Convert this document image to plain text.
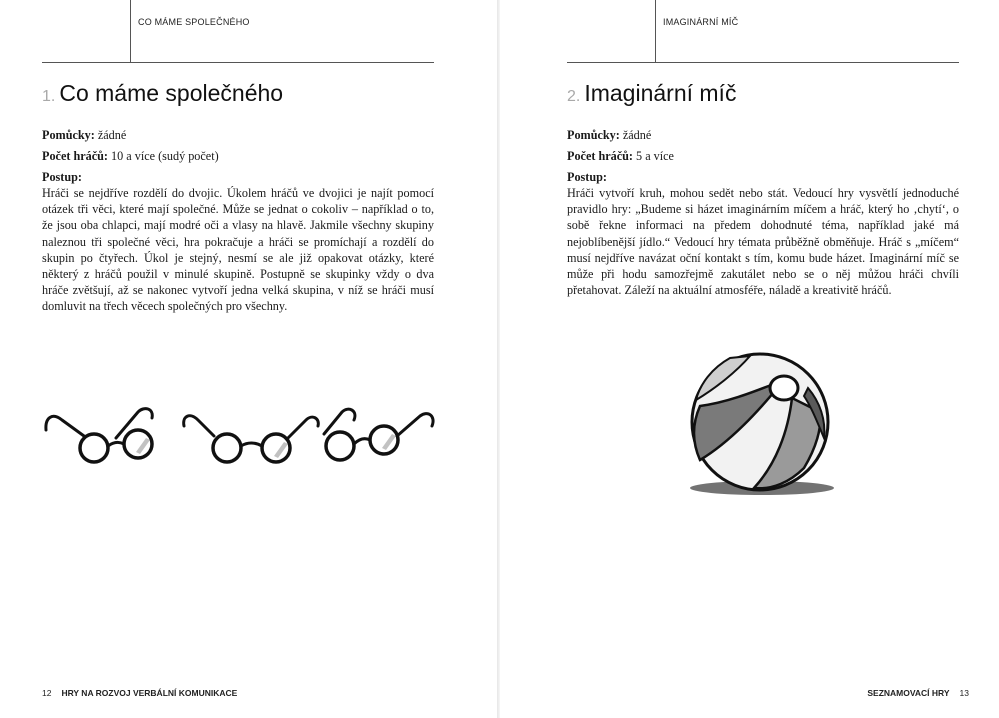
CO MÁME SPOLEČNÉHO
1. Co máme společného

Pomůcky: žádné

Počet hráčů: 10 a více (sudý počet)

Postup:

Hráči se nejdříve rozdělí do dvojic. Úkolem hráčů ve dvojici je najít pomocí otázek tři věci, které mají společné. Může se jednat o cokoliv – například o to, že jsou oba chlapci, mají modré oči a vlasy na hlavě. Jakmile všechny skupiny naleznou tři společné věci, hra pokračuje a hráči se promíchají a rozdělí do skupin po čtyřech. Úkol je stejný, nesmí se ale již opakovat otázky, které některý z hráčů použil v minulé skupině. Postupně se skupinky vždy o dva hráče zvětšují, až se nakonec vytvoří jedna velká skupina, v níž se hráči musí domluvit na třech věcech společných pro všechny.

12 HRY NA ROZVOJ VERBÁLNÍ KOMUNIKACE
IMAGINÁRNÍ MÍČ
2. Imaginární míč

Pomůcky: žádné

Počet hráčů: 5 a více

Postup:

Hráči vytvoří kruh, mohou sedět nebo stát. Vedoucí hry vysvětlí jednoduché pravidlo hry: „Budeme si házet imaginárním míčem a hráč, který ho ‚chytí‘, o sobě řekne informaci na předem dohodnuté téma, například jaké má nejoblíbenější jídlo.“ Vedoucí hry témata průběžně obměňuje. Hráč s „míčem“ musí nejdříve navázat oční kontakt s tím, komu bude házet. Imaginární míč se může při hodu samozřejmě zakutálet nebo se o něj můžou hráči chvíli přetahovat. Záleží na aktuální atmosféře, náladě a kreativitě hráčů.

SEZNAMOVACÍ HRY 13
